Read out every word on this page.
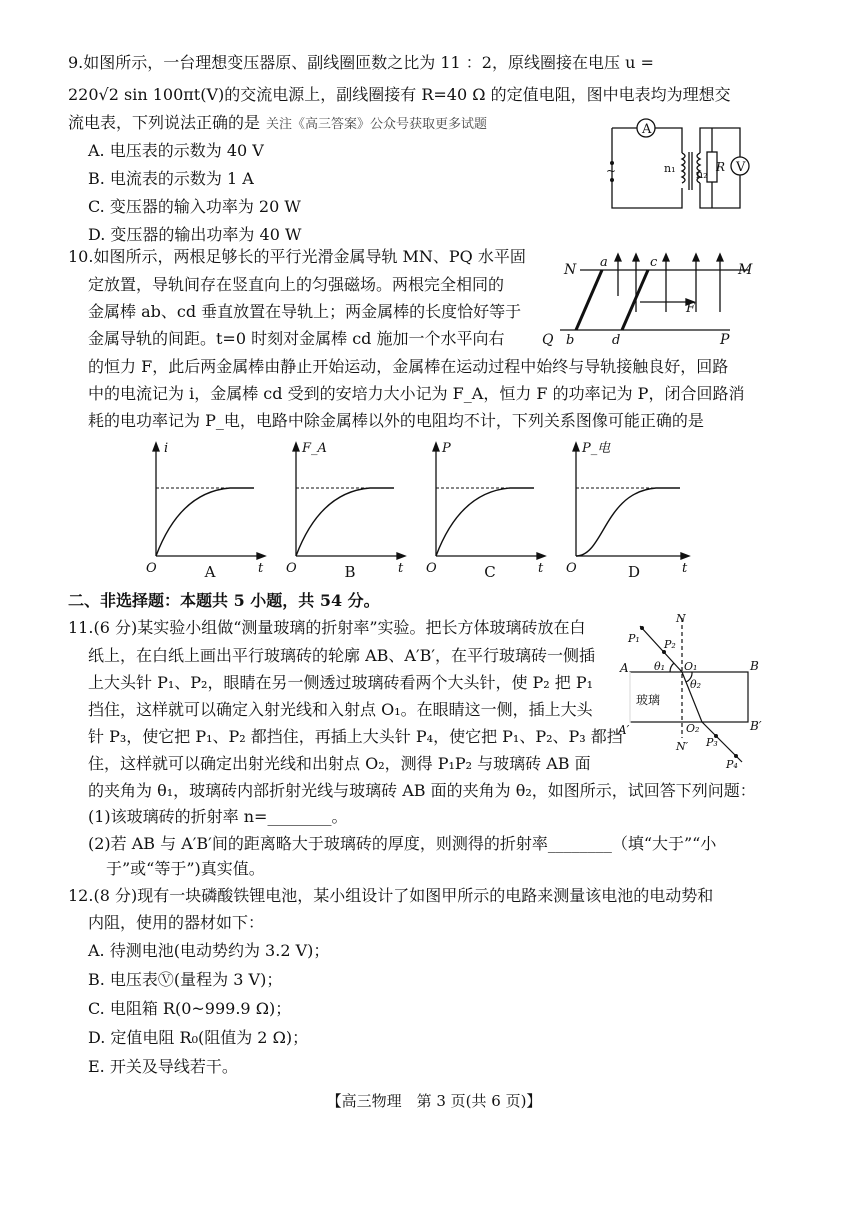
9.如图所示，一台理想变压器原、副线圈匝数之比为 11 ：2，原线圈接在电压 u =
220√2 sin 100πt(V)的交流电源上，副线圈接有 R=40 Ω 的定值电阻，图中电表均为理想交
流电表，下列说法正确的是 关注《高三答案》公众号获取更多试题
A. 电压表的示数为 40 V
B. 电流表的示数为 1 A
C. 变压器的输入功率为 20 W
D. 变压器的输出功率为 40 W
A
V
n₁ n₂
R
~
10.如图所示，两根足够长的平行光滑金属导轨 MN、PQ 水平固
定放置，导轨间存在竖直向上的匀强磁场。两根完全相同的
金属棒 ab、cd 垂直放置在导轨上；两金属棒的长度恰好等于
金属导轨的间距。t=0 时刻对金属棒 cd 施加一个水平向右
的恒力 F，此后两金属棒由静止开始运动，金属棒在运动过程中始终与导轨接触良好，回路
中的电流记为 i，金属棒 cd 受到的安培力大小记为 F_A，恒力 F 的功率记为 P，闭合回路消
耗的电功率记为 P_电，电路中除金属棒以外的电阻均不计，下列关系图像可能正确的是
N	M
Q	P
a
b
c
d
F
i
t
O	A
F_A
t
O	B
P
t
O	C
P_电
t
O	D
二、非选择题：本题共 5 小题，共 54 分。
11.(6 分)某实验小组做“测量玻璃的折射率”实验。把长方体玻璃砖放在白
纸上，在白纸上画出平行玻璃砖的轮廓 AB、A′B′，在平行玻璃砖一侧插
上大头针 P₁、P₂，眼睛在另一侧透过玻璃砖看两个大头针，使 P₂ 把 P₁
挡住，这样就可以确定入射光线和入射点 O₁。在眼睛这一侧，插上大头
针 P₃，使它把 P₁、P₂ 都挡住，再插上大头针 P₄，使它把 P₁、P₂、P₃ 都挡
住，这样就可以确定出射光线和出射点 O₂，测得 P₁P₂ 与玻璃砖 AB 面
的夹角为 θ₁，玻璃砖内部折射光线与玻璃砖 AB 面的夹角为 θ₂，如图所示，试回答下列问题：
(1)该玻璃砖的折射率 n=________。
(2)若 AB 与 A′B′间的距离略大于玻璃砖的厚度，则测得的折射率________（填“大于”“小
于”或“等于”)真实值。
N
N′
A	B
A′	B′
玻璃
P₁ P₂
P₃
P₄
O₁
O₂
θ₁
θ₂
12.(8 分)现有一块磷酸铁锂电池，某小组设计了如图甲所示的电路来测量该电池的电动势和
内阻，使用的器材如下：
A. 待测电池(电动势约为 3.2 V)；
B. 电压表Ⓥ(量程为 3 V)；
C. 电阻箱 R(0~999.9 Ω)；
D. 定值电阻 R₀(阻值为 2 Ω)；
E. 开关及导线若干。
【高三物理　第 3 页(共 6 页)】
